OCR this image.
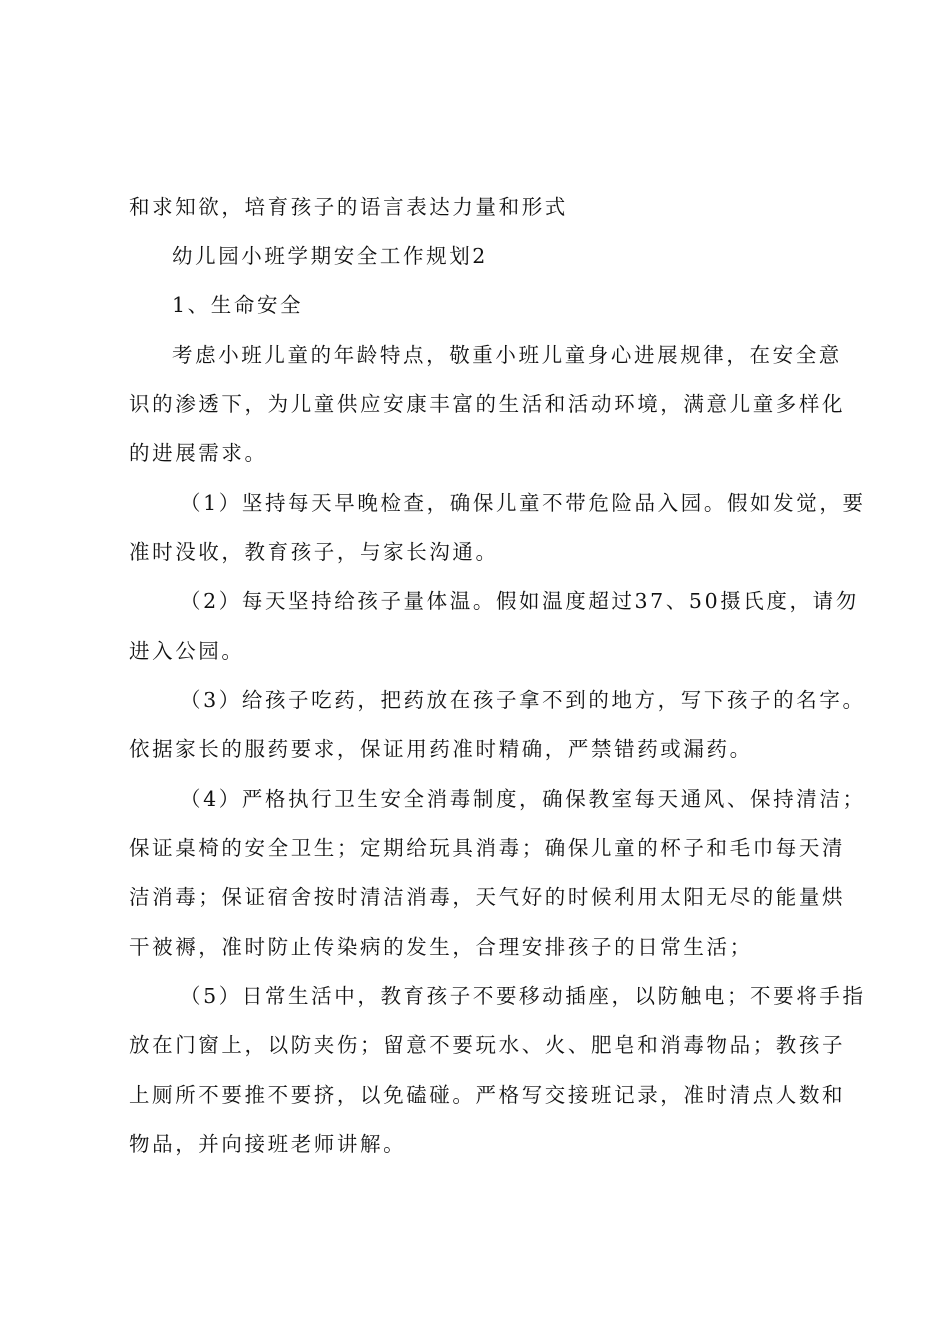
和求知欲，培育孩子的语言表达力量和形式
幼儿园小班学期安全工作规划2
1、生命安全
考虑小班儿童的年龄特点，敬重小班儿童身心进展规律，在安全意
识的渗透下，为儿童供应安康丰富的生活和活动环境，满意儿童多样化
的进展需求。
（1）坚持每天早晚检查，确保儿童不带危险品入园。假如发觉，要
准时没收，教育孩子，与家长沟通。
（2）每天坚持给孩子量体温。假如温度超过37、50摄氏度，请勿
进入公园。
（3）给孩子吃药，把药放在孩子拿不到的地方，写下孩子的名字。
依据家长的服药要求，保证用药准时精确，严禁错药或漏药。
（4）严格执行卫生安全消毒制度，确保教室每天通风、保持清洁；
保证桌椅的安全卫生；定期给玩具消毒；确保儿童的杯子和毛巾每天清
洁消毒；保证宿舍按时清洁消毒，天气好的时候利用太阳无尽的能量烘
干被褥，准时防止传染病的发生，合理安排孩子的日常生活；
（5）日常生活中，教育孩子不要移动插座，以防触电；不要将手指
放在门窗上，以防夹伤；留意不要玩水、火、肥皂和消毒物品；教孩子
上厕所不要推不要挤，以免磕碰。严格写交接班记录，准时清点人数和
物品，并向接班老师讲解。
